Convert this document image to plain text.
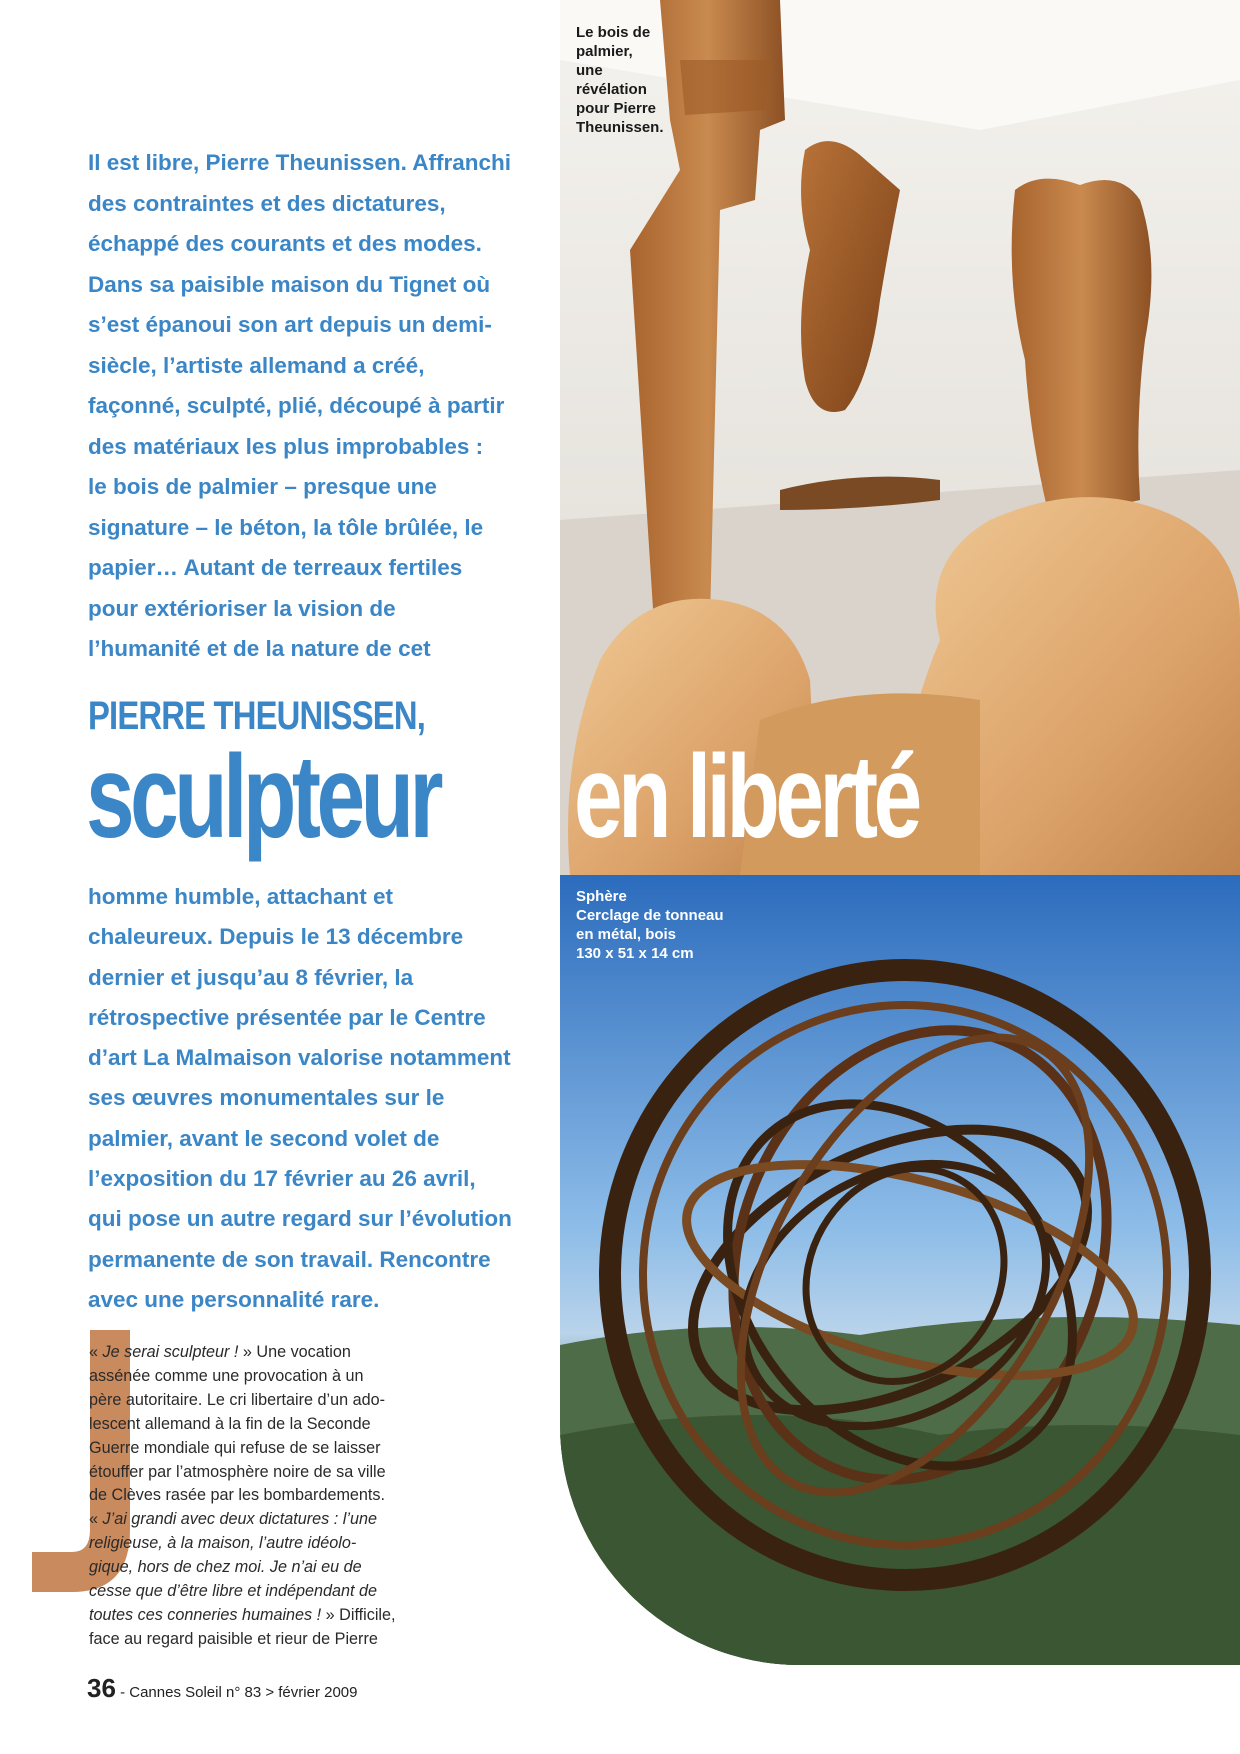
Le bois de
palmier,
une
révélation
pour Pierre
Theunissen.
Sphère
Cerclage de tonneau
en métal, bois
130 x 51 x 14 cm
Il est libre, Pierre Theunissen. Affranchi
des contraintes et des dictatures,
échappé des courants et des modes.
Dans sa paisible maison du Tignet où
s’est épanoui son art depuis un demi-
siècle, l’artiste allemand a créé,
façonné, sculpté, plié, découpé à partir
des matériaux les plus improbables :
le bois de palmier – presque une
signature – le béton, la tôle brûlée, le
papier… Autant de terreaux fertiles
pour extérioriser la vision de
l’humanité et de la nature de cet
PIERRE THEUNISSEN,
sculpteur en liberté
homme humble, attachant et
chaleureux. Depuis le 13 décembre
dernier et jusqu’au 8 février, la
rétrospective présentée par le Centre
d’art La Malmaison valorise notamment
ses œuvres monumentales sur le
palmier, avant le second volet de
l’exposition du 17 février au 26 avril,
qui pose un autre regard sur l’évolution
permanente de son travail. Rencontre
avec une personnalité rare.
« Je serai sculpteur ! » Une vocation
assénée comme une provocation à un
père autoritaire. Le cri libertaire d’un ado-
lescent allemand à la fin de la Seconde
Guerre mondiale qui refuse de se laisser
étouffer par l’atmosphère noire de sa ville
de Clèves rasée par les bombardements.
« J’ai grandi avec deux dictatures : l’une
religieuse, à la maison, l’autre idéolo-
gique, hors de chez moi. Je n’ai eu de
cesse que d’être libre et indépendant de
toutes ces conneries humaines ! » Difficile,
face au regard paisible et rieur de Pierre
36 - Cannes Soleil n° 83 > février 2009
